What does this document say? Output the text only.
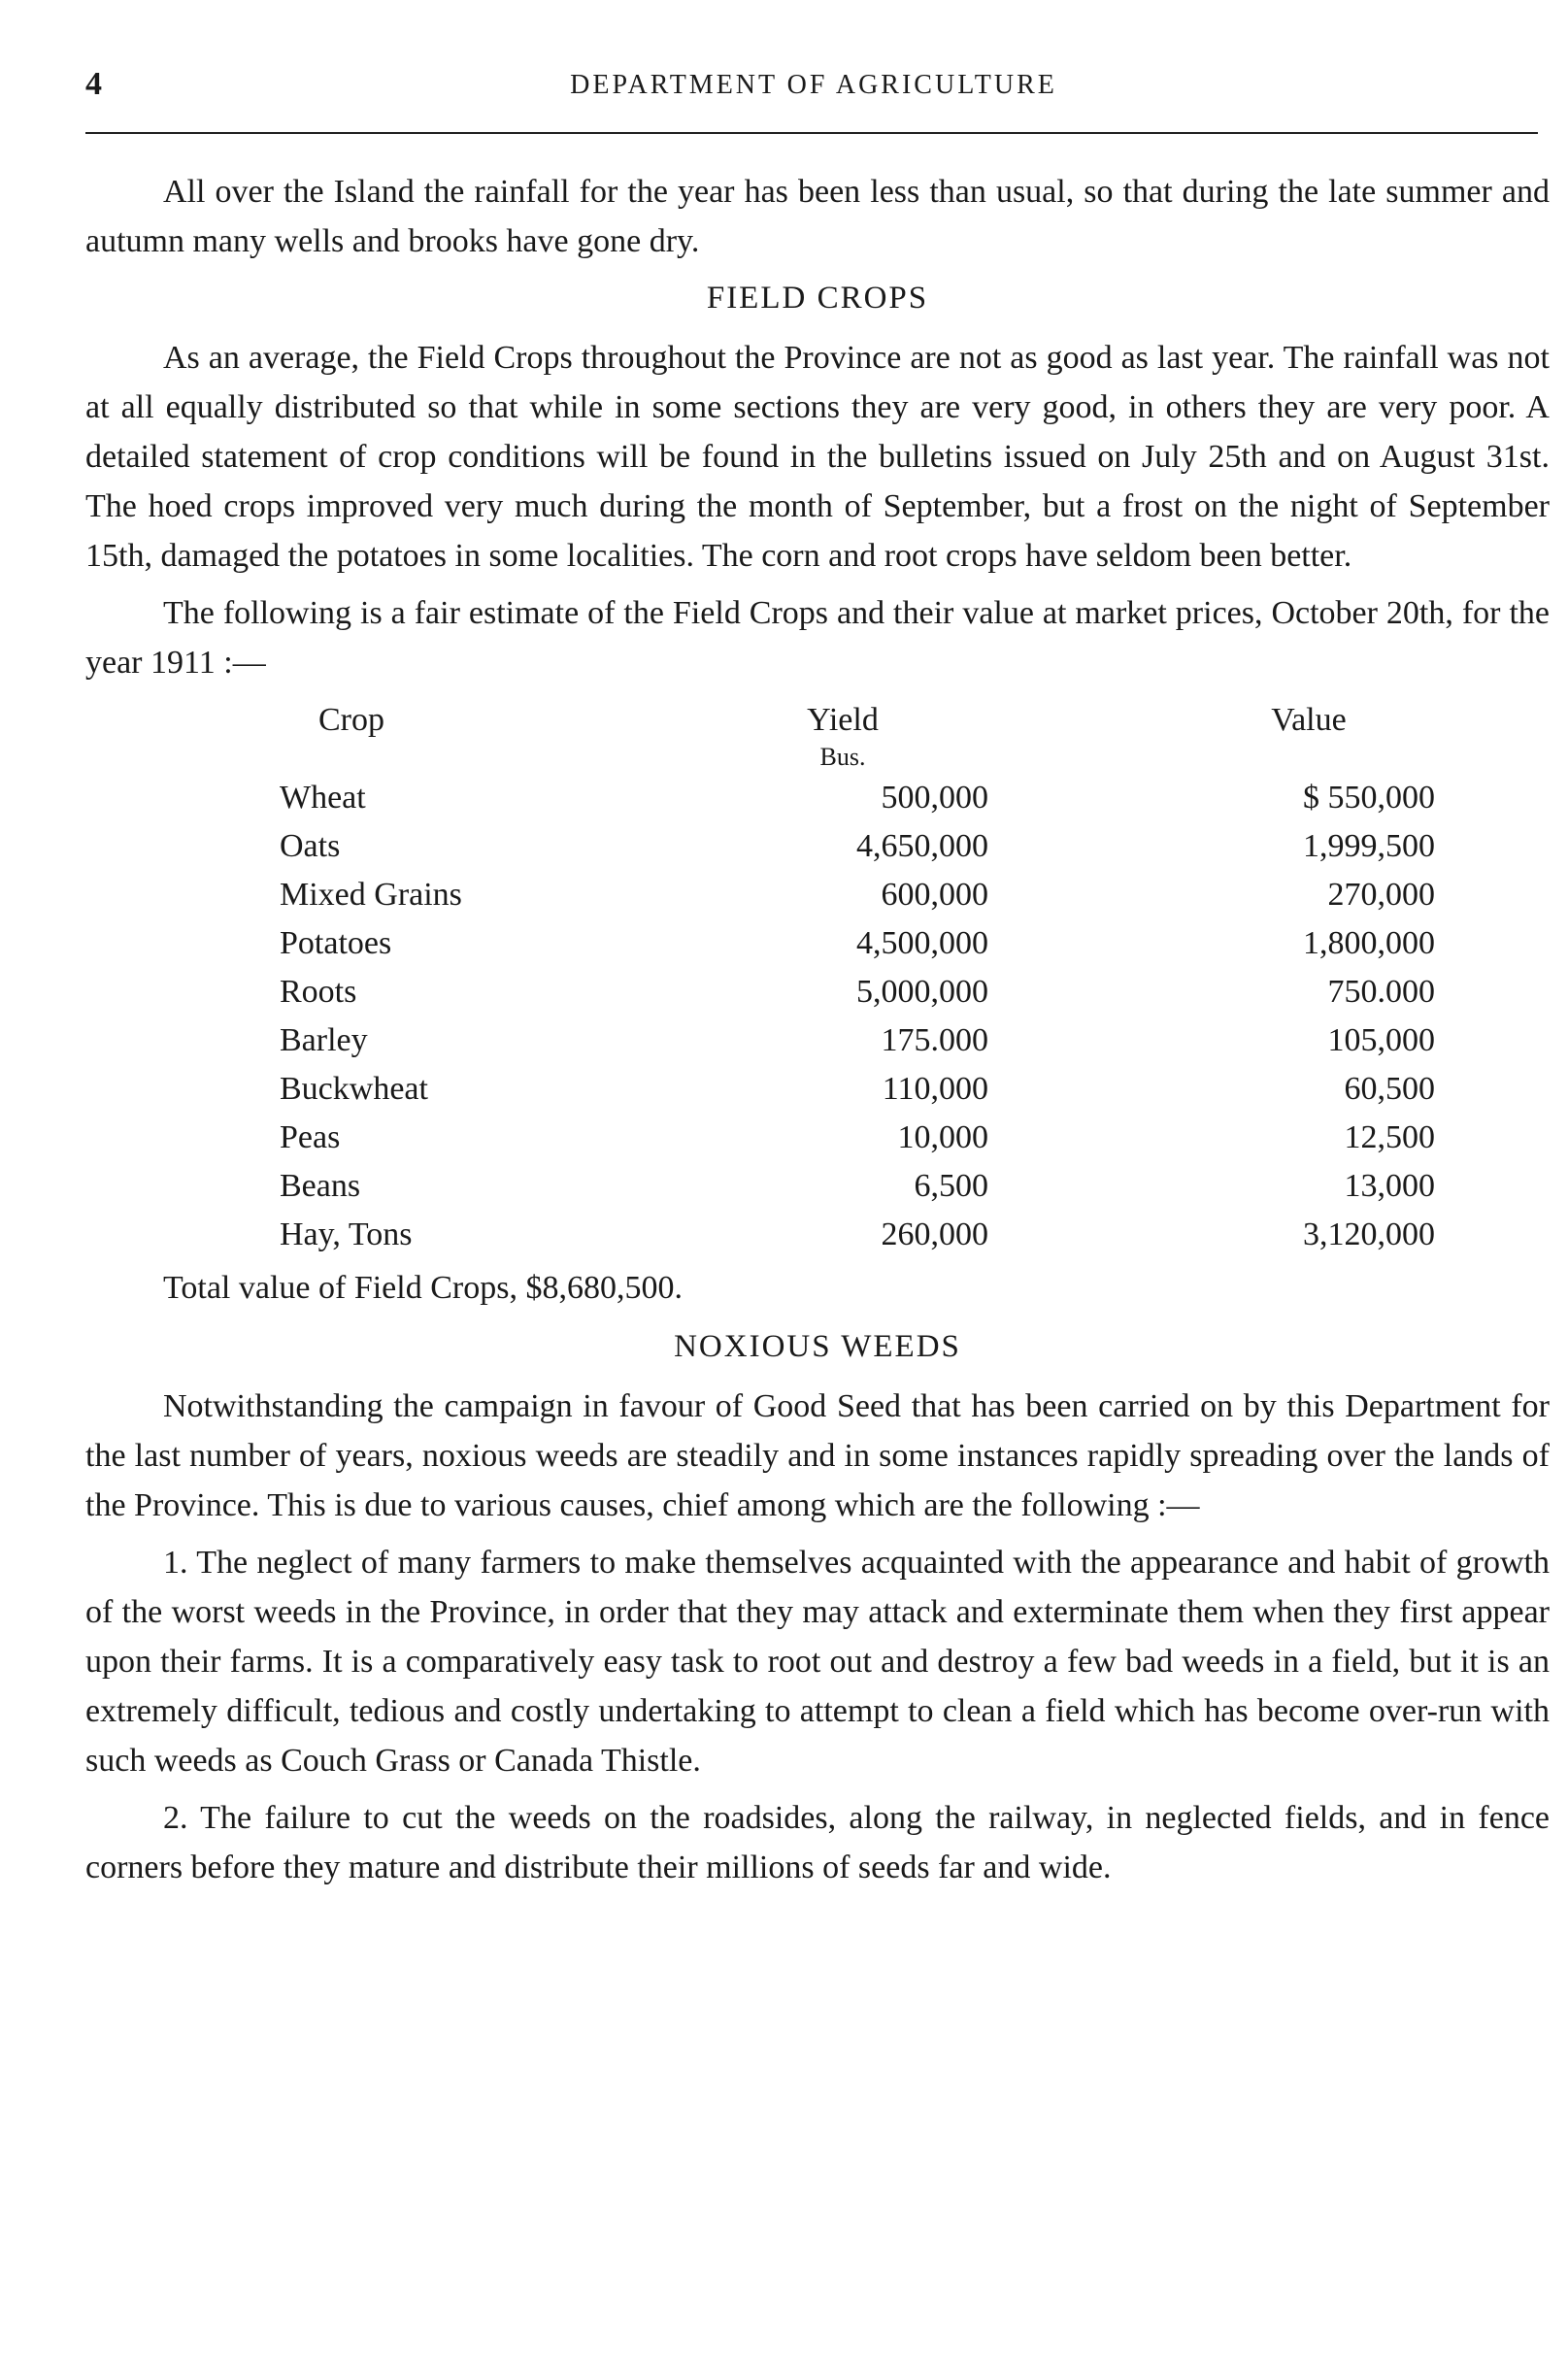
4	DEPARTMENT OF AGRICULTURE

All over the Island the rainfall for the year has been less than usual, so that during the late summer and autumn many wells and brooks have gone dry.

FIELD CROPS

As an average, the Field Crops throughout the Province are not as good as last year. The rainfall was not at all equally distributed so that while in some sections they are very good, in others they are very poor. A detailed statement of crop conditions will be found in the bulletins issued on July 25th and on August 31st. The hoed crops improved very much during the month of September, but a frost on the night of September 15th, damaged the potatoes in some localities. The corn and root crops have seldom been better.

The following is a fair estimate of the Field Crops and their value at market prices, October 20th, for the year 1911 :—

Crop	Yield	Value
Bus.
Wheat	500,000	$ 550,000
Oats	4,650,000	1,999,500
Mixed Grains	600,000	270,000
Potatoes	4,500,000	1,800,000
Roots	5,000,000	750.000
Barley	175.000	105,000
Buckwheat	110,000	60,500
Peas	10,000	12,500
Beans	6,500	13,000
Hay, Tons	260,000	3,120,000
Total value of Field Crops, $8,680,500.
NOXIOUS WEEDS

Notwithstanding the campaign in favour of Good Seed that has been carried on by this Department for the last number of years, noxious weeds are steadily and in some instances rapidly spreading over the lands of the Province. This is due to various causes, chief among which are the following :—

1. The neglect of many farmers to make themselves acquainted with the appearance and habit of growth of the worst weeds in the Province, in order that they may attack and exterminate them when they first appear upon their farms. It is a comparatively easy task to root out and destroy a few bad weeds in a field, but it is an extremely difficult, tedious and costly undertaking to attempt to clean a field which has become over-run with such weeds as Couch Grass or Canada Thistle.

2. The failure to cut the weeds on the roadsides, along the railway, in neglected fields, and in fence corners before they mature and distribute their millions of seeds far and wide.
